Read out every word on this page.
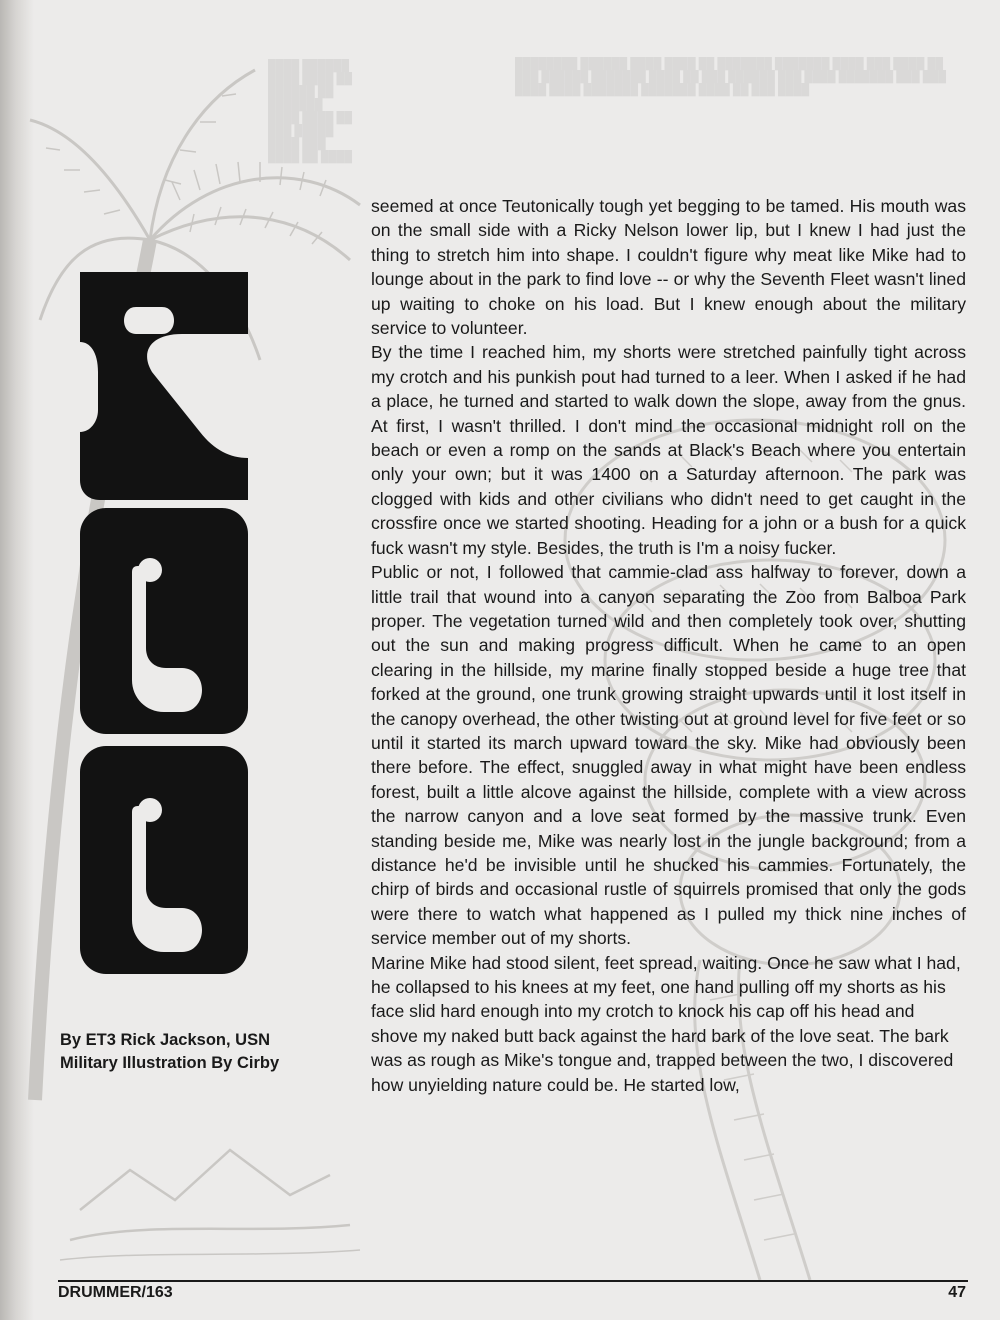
████████ ██████ ████ ████ ██ ███████ ███████ ████ ███ ████ ██ ███ ██████ ███████ ████ ██ ███ ██████ ███ ████ ███████ ███ ███ ████ ████ ███████ ███████ ████ ██ ███ ████
████ ██████ ████ ████ ██ ██████ ██ ███████ ████ ████ ██ ███ █████ ████ ███ ████ ██ ████
By ET3 Rick Jackson, USN
Military Illustration By Cirby

seemed at once Teutonically tough yet begging to be tamed. His mouth was on the small side with a Ricky Nelson lower lip, but I knew I had just the thing to stretch him into shape. I couldn't figure why meat like Mike had to lounge about in the park to find love -- or why the Seventh Fleet wasn't lined up waiting to choke on his load. But I knew enough about the military service to volunteer.

By the time I reached him, my shorts were stretched painfully tight across my crotch and his punkish pout had turned to a leer. When I asked if he had a place, he turned and started to walk down the slope, away from the gnus. At first, I wasn't thrilled. I don't mind the occasional midnight roll on the beach or even a romp on the sands at Black's Beach where you entertain only your own; but it was 1400 on a Saturday afternoon. The park was clogged with kids and other civilians who didn't need to get caught in the crossfire once we started shooting. Heading for a john or a bush for a quick fuck wasn't my style. Besides, the truth is I'm a noisy fucker.

Public or not, I followed that cammie-clad ass halfway to forever, down a little trail that wound into a canyon separating the Zoo from Balboa Park proper. The vegetation turned wild and then completely took over, shutting out the sun and making progress difficult. When he came to an open clearing in the hillside, my marine finally stopped beside a huge tree that forked at the ground, one trunk growing straight upwards until it lost itself in the canopy overhead, the other twisting out at ground level for five feet or so until it started its march upward toward the sky. Mike had obviously been there before. The effect, snuggled away in what might have been endless forest, built a little alcove against the hillside, complete with a view across the narrow canyon and a love seat formed by the massive trunk. Even standing beside me, Mike was nearly lost in the jungle background; from a distance he'd be invisible until he shucked his cammies. Fortunately, the chirp of birds and occasional rustle of squirrels promised that only the gods were there to watch what happened as I pulled my thick nine inches of service member out of my shorts.

Marine Mike had stood silent, feet spread, waiting. Once he saw what I had, he collapsed to his knees at my feet, one hand pulling off my shorts as his face slid hard enough into my crotch to knock his cap off his head and shove my naked butt back against the hard bark of the love seat. The bark was as rough as Mike's tongue and, trapped between the two, I discovered how unyielding nature could be. He started low,

DRUMMER/163	47
